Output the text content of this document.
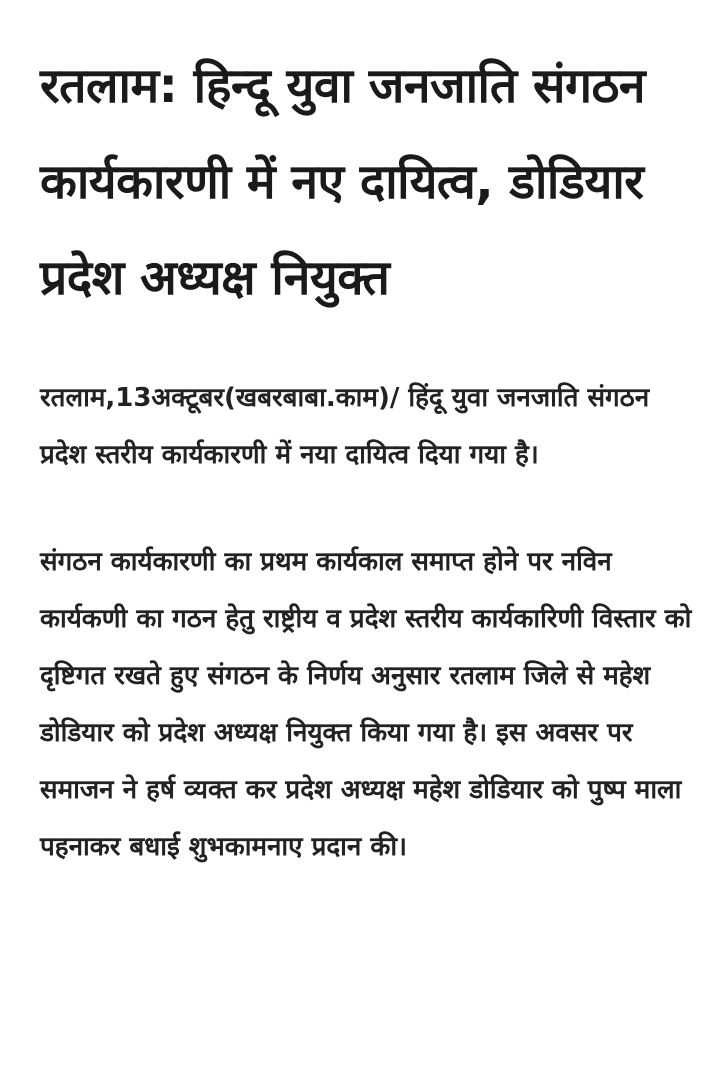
रतलाम: हिन्दू युवा जनजाति संगठन कार्यकारणी में नए दायित्व, डोडियार प्रदेश अध्यक्ष नियुक्त

रतलाम,13अक्टूबर(खबरबाबा.काम)/ हिंदू युवा जनजाति संगठन प्रदेश स्तरीय कार्यकारणी में नया दायित्व दिया गया है।

संगठन कार्यकारणी का प्रथम कार्यकाल समाप्त होने पर नविन कार्यकणी का गठन हेतु राष्ट्रीय व प्रदेश स्तरीय कार्यकारिणी विस्तार को दृष्टिगत रखते हुए संगठन के निर्णय अनुसार रतलाम जिले से महेश डोडियार को प्रदेश अध्यक्ष नियुक्त किया गया है। इस अवसर पर समाजन ने हर्ष व्यक्त कर प्रदेश अध्यक्ष महेश डोडियार को पुष्प माला पहनाकर बधाई शुभकामनाए प्रदान की।
